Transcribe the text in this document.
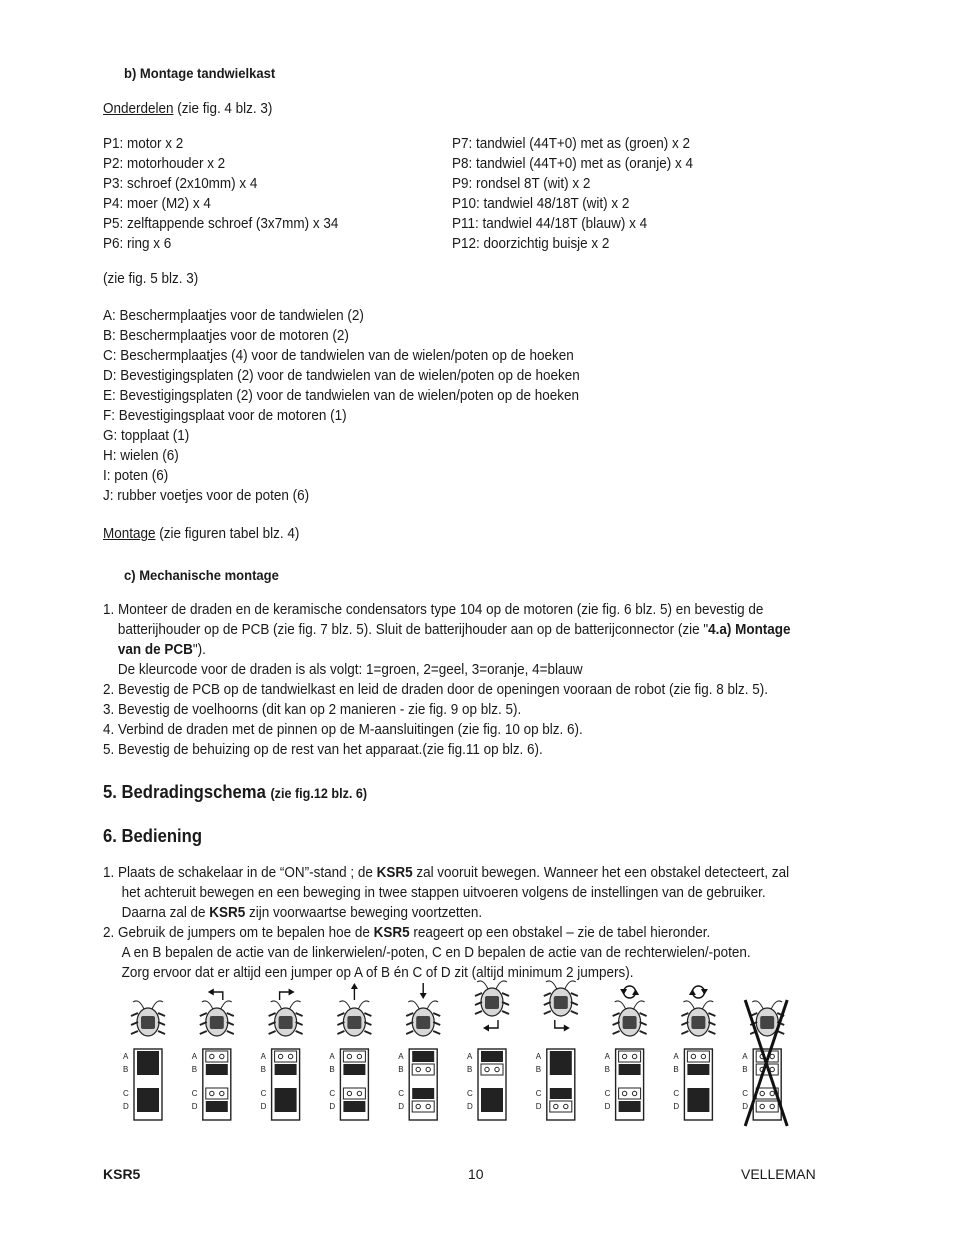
b) Montage tandwielkast
Onderdelen (zie fig. 4 blz. 3)
P1: motor x 2
P2: motorhouder x 2
P3: schroef (2x10mm) x 4
P4: moer (M2) x 4
P5: zelftappende schroef (3x7mm) x 34
P6: ring x 6
P7: tandwiel (44T+0) met as (groen) x 2
P8: tandwiel (44T+0) met as (oranje) x 4
P9: rondsel 8T (wit) x 2
P10: tandwiel 48/18T (wit) x 2
P11: tandwiel 44/18T (blauw) x 4
P12: doorzichtig buisje x 2
(zie fig. 5 blz. 3)
A: Beschermplaatjes voor de tandwielen (2)
B: Beschermplaatjes voor de motoren (2)
C: Beschermplaatjes (4) voor de tandwielen van de wielen/poten op de hoeken
D: Bevestigingsplaten (2) voor de tandwielen van de wielen/poten op de hoeken
E: Bevestigingsplaten (2) voor de tandwielen van de wielen/poten op de hoeken
F: Bevestigingsplaat voor de motoren (1)
G: topplaat (1)
H: wielen (6)
I: poten (6)
J: rubber voetjes voor de poten (6)
Montage (zie figuren tabel blz. 4)
c) Mechanische montage
1. Monteer de draden en de keramische condensators type 104 op de motoren (zie fig. 6 blz. 5) en bevestig de
batterijhouder op de PCB (zie fig. 7 blz. 5). Sluit de batterijhouder aan op de batterijconnector (zie "4.a) Montage
van de PCB").
De kleurcode voor de draden is als volgt: 1=groen, 2=geel, 3=oranje, 4=blauw
2. Bevestig de PCB op de tandwielkast en leid de draden door de openingen vooraan de robot (zie fig. 8 blz. 5).
3. Bevestig de voelhoorns (dit kan op 2 manieren - zie fig. 9 op blz. 5).
4. Verbind de draden met de pinnen op de M-aansluitingen (zie fig. 10 op blz. 6).
5. Bevestig de behuizing op de rest van het apparaat.(zie fig.11 op blz. 6).
5. Bedradingschema (zie fig.12 blz. 6)
6. Bediening
1. Plaats de schakelaar in de “ON”-stand ; de KSR5 zal vooruit bewegen. Wanneer het een obstakel detecteert, zal
het achteruit bewegen en een beweging in twee stappen uitvoeren volgens de instellingen van de gebruiker.
Daarna zal de KSR5 zijn voorwaartse beweging voortzetten.
2. Gebruik de jumpers om te bepalen hoe de KSR5 reageert op een obstakel – zie de tabel hieronder.
A en B bepalen de actie van de linkerwielen/-poten, C en D bepalen de actie van de rechterwielen/-poten.
Zorg ervoor dat er altijd een jumper op A of B én C of D zit (altijd minimum 2 jumpers).
A
B
C
D
A
B
C
D
A
B
C
D
A
B
C
D
A
B
C
D
A
B
C
D
A
B
C
D
A
B
C
D
A
B
C
D
A
B
C
D
KSR5	10	VELLEMAN
